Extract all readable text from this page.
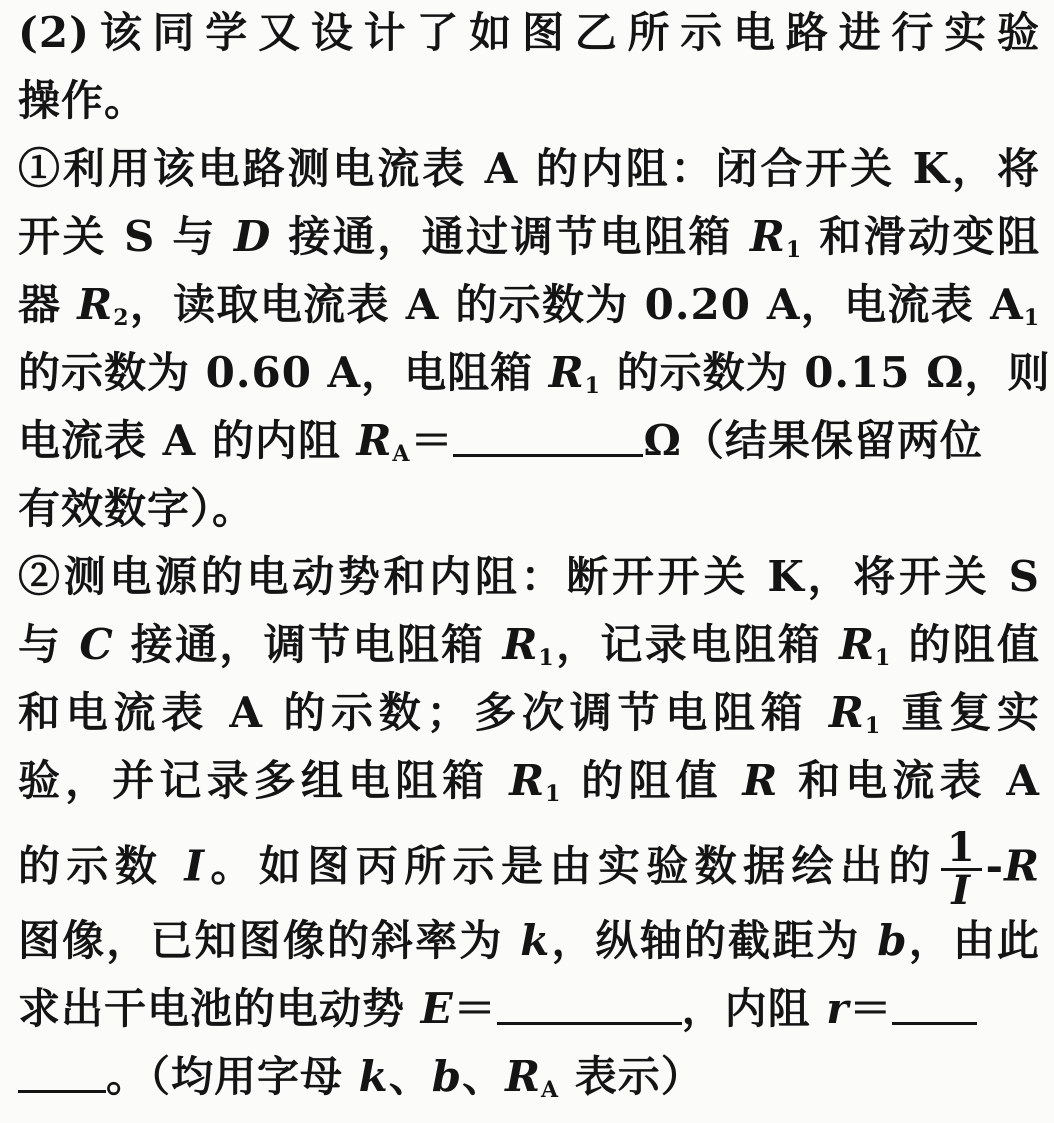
(2)该同学又设计了如图乙所示电路进行实验
操作。
①利用该电路测电流表 A 的内阻：闭合开关 K，将
开关 S 与 D 接通，通过调节电阻箱 $R_1$ 和滑动变阻
器 $R_2$，读取电流表 A 的示数为 0.20 A，电流表 $A_1$
的示数为 0.60 A，电阻箱 $R_1$ 的示数为 0.15 Ω，则
电流表 A 的内阻 $R_A=$	Ω（结果保留两位
有效数字）。
②测电源的电动势和内阻：断开开关 K，将开关 S
与 C 接通，调节电阻箱 $R_1$，记录电阻箱 $R_1$ 的阻值
和电流表 A 的示数；多次调节电阻箱 $R_1$ 重复实
验，并记录多组电阻箱 $R_1$ 的阻值 R 和电流表 A
的示数 I。如图丙所示是由实验数据绘出的 $\frac{1}{I} -R$
图像，已知图像的斜率为 k，纵轴的截距为 b，由此
求出干电池的电动势 E＝	，内阻 r＝
。（均用字母 k、b、$R_A$ 表示）
